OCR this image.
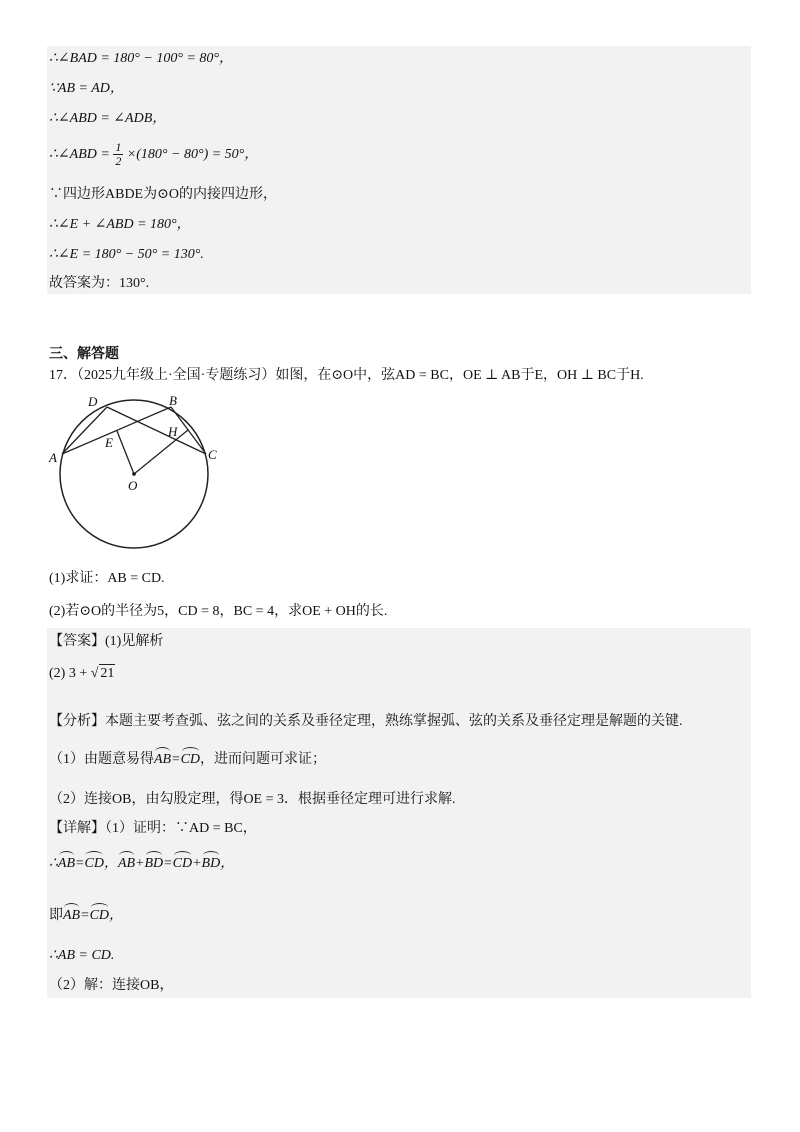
∴∠BAD = 180° − 100° = 80°，
∵AB = AD，
∴∠ABD = ∠ADB，
∴∠ABD = $\frac{1}{2} \times(180^\circ - 80^\circ) = 50^\circ$，
∵四边形ABDE为⊙O的内接四边形，
∴∠E + ∠ABD = 180°，
∴∠E = 180° − 50° = 130°.
故答案为：130°.
三、解答题
17．（2025九年级上·全国·专题练习）如图，在⊙O中，弦AD = BC，OE ⊥ AB于E，OH ⊥ BC于H.
A
D	B
C
E
H
O
(1)求证：AB = CD.
(2)若⊙O的半径为5，CD = 8，BC = 4，求OE + OH的长.
【答案】(1)见解析
(2) 3 + √ 21
【分析】本题主要考查弧、弦之间的关系及垂径定理，熟练掌握弧、弦的关系及垂径定理是解题的关键.
（1）由题意易得AB=CD，进而问题可求证；
（2）连接OB，由勾股定理，得OE = 3．根据垂径定理可进行求解.
【详解】（1）证明：∵AD = BC，
∴AB=CD，AB+BD=CD+BD，
即AB=CD，
∴AB = CD.
（2）解：连接OB，
